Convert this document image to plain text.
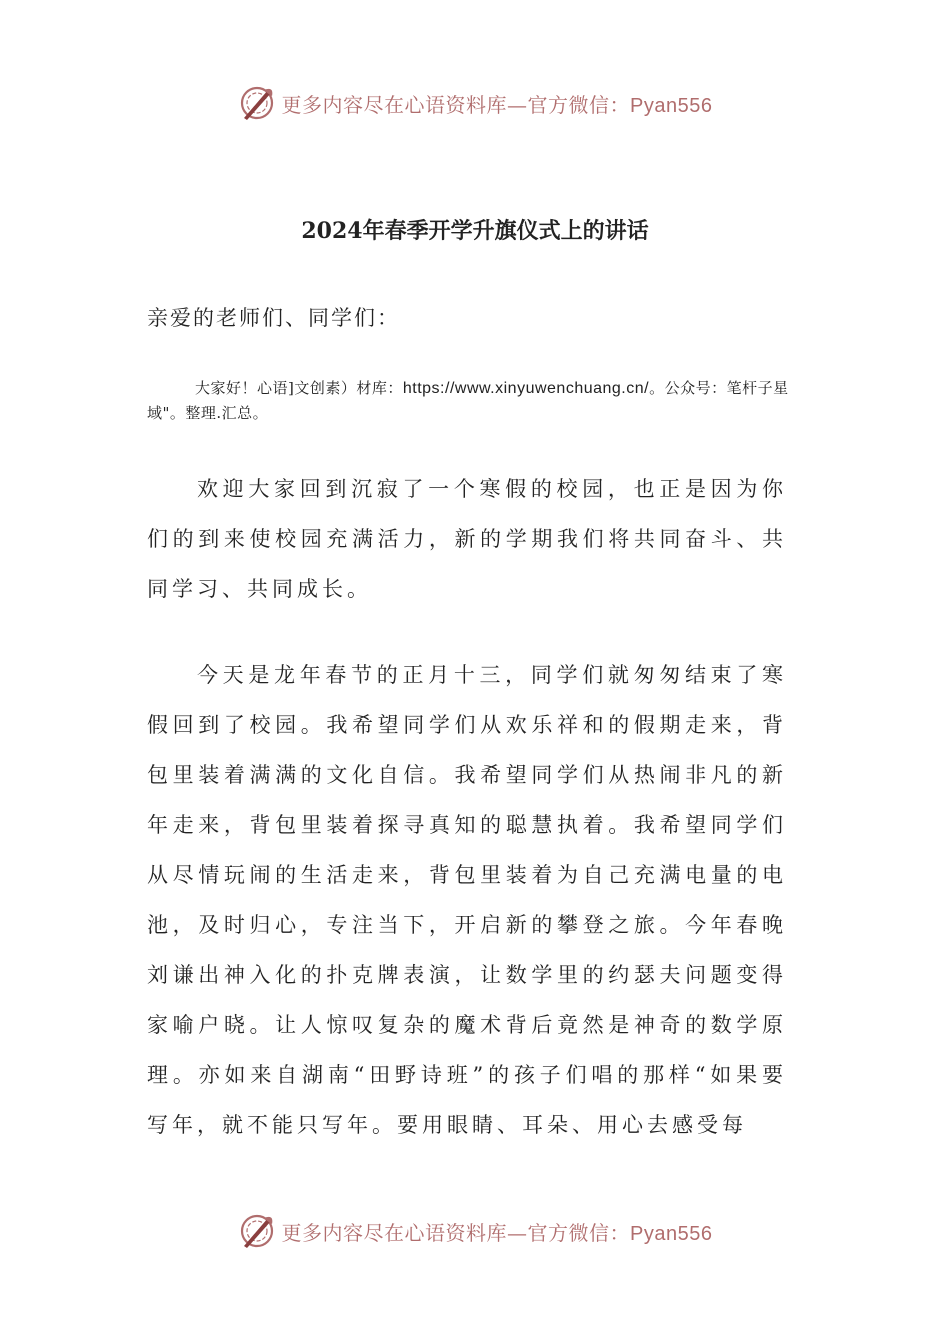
更多内容尽在心语资料库—官方微信：Pyan556
2024年春季开学升旗仪式上的讲话
亲爱的老师们、同学们：
大家好！心语]文创素）材库：https://www.xinyuwenchuang.cn/。公众号：笔杆子星域"。整理.汇总。

欢迎大家回到沉寂了一个寒假的校园，也正是因为你们的到来使校园充满活力，新的学期我们将共同奋斗、共同学习、共同成长。

今天是龙年春节的正月十三，同学们就匆匆结束了寒假回到了校园。我希望同学们从欢乐祥和的假期走来，背包里装着满满的文化自信。我希望同学们从热闹非凡的新年走来，背包里装着探寻真知的聪慧执着。我希望同学们从尽情玩闹的生活走来，背包里装着为自己充满电量的电池，及时归心，专注当下，开启新的攀登之旅。今年春晚刘谦出神入化的扑克牌表演，让数学里的约瑟夫问题变得家喻户晓。让人惊叹复杂的魔术背后竟然是神奇的数学原理。亦如来自湖南“田野诗班”的孩子们唱的那样“如果要写年，就不能只写年。要用眼睛、耳朵、用心去感受每

更多内容尽在心语资料库—官方微信：Pyan556
